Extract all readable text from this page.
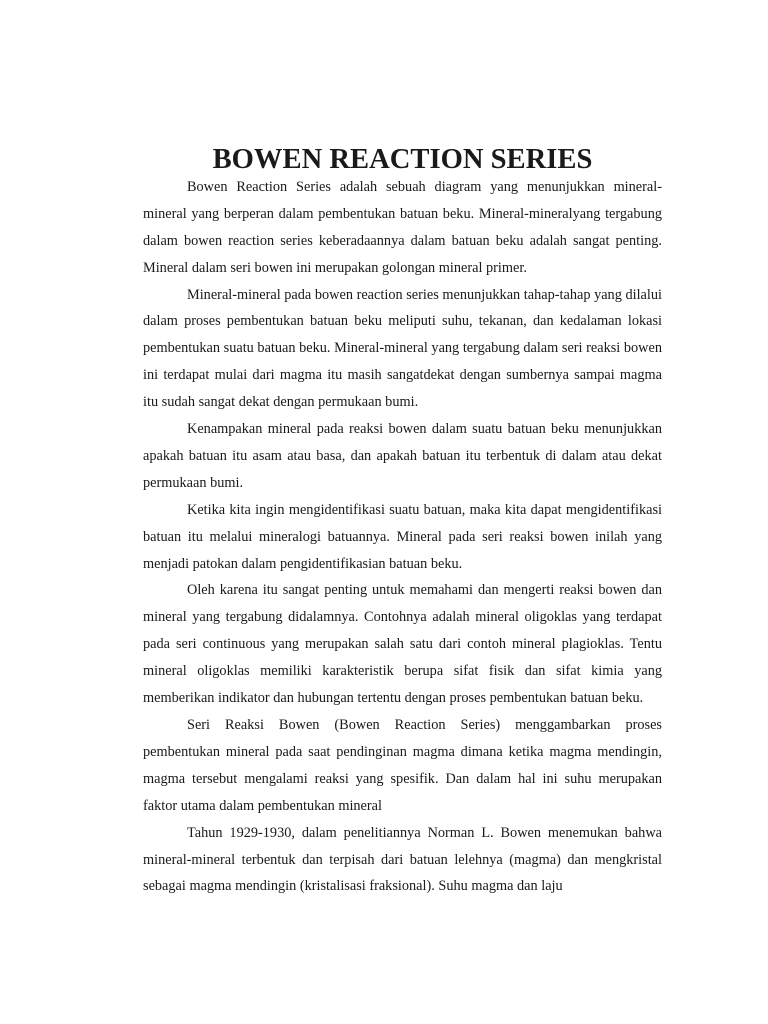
BOWEN REACTION SERIES

Bowen Reaction Series adalah sebuah diagram yang menunjukkan mineral-mineral yang berperan dalam pembentukan batuan beku. Mineral-mineralyang tergabung dalam bowen reaction series keberadaannya dalam batuan beku adalah sangat penting. Mineral dalam seri bowen ini merupakan golongan mineral primer.

Mineral-mineral pada bowen reaction series menunjukkan tahap-tahap yang dilalui dalam proses pembentukan batuan beku meliputi suhu, tekanan, dan kedalaman lokasi pembentukan suatu batuan beku. Mineral-mineral yang tergabung dalam seri reaksi bowen ini terdapat mulai dari magma itu masih sangatdekat dengan sumbernya sampai magma itu sudah sangat dekat dengan permukaan bumi.

Kenampakan mineral pada reaksi bowen dalam suatu batuan beku menunjukkan apakah batuan itu asam atau basa, dan apakah batuan itu terbentuk di dalam atau dekat permukaan bumi.

Ketika kita ingin mengidentifikasi suatu batuan, maka kita dapat mengidentifikasi batuan itu melalui mineralogi batuannya. Mineral pada seri reaksi bowen inilah yang menjadi patokan dalam pengidentifikasian batuan beku.

Oleh karena itu sangat penting untuk memahami dan mengerti reaksi bowen dan mineral yang tergabung didalamnya. Contohnya adalah mineral oligoklas yang terdapat pada seri continuous yang merupakan salah satu dari contoh mineral plagioklas. Tentu mineral oligoklas memiliki karakteristik berupa sifat fisik dan sifat kimia yang memberikan indikator dan hubungan tertentu dengan proses pembentukan batuan beku.

Seri Reaksi Bowen (Bowen Reaction Series) menggambarkan proses pembentukan mineral pada saat pendinginan magma dimana ketika magma mendingin, magma tersebut mengalami reaksi yang spesifik. Dan dalam hal ini suhu merupakan faktor utama dalam pembentukan mineral

Tahun 1929-1930, dalam penelitiannya Norman L. Bowen menemukan bahwa mineral-mineral terbentuk dan terpisah dari batuan lelehnya (magma) dan mengkristal sebagai magma mendingin (kristalisasi fraksional). Suhu magma dan laju
